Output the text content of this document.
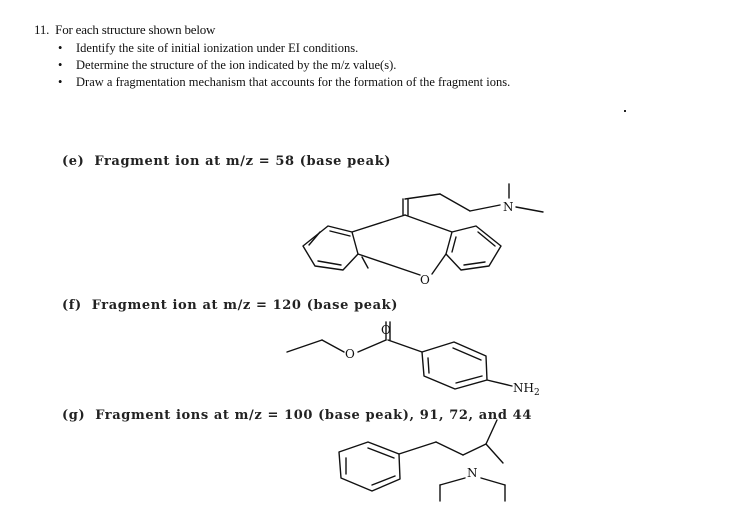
11. For each structure shown below
• Identify the site of initial ionization under EI conditions.
• Determine the structure of the ion indicated by the m/z value(s).
• Draw a fragmentation mechanism that accounts for the formation of the fragment ions.
(e) Fragment ion at m/z = 58 (base peak)
(f) Fragment ion at m/z = 120 (base peak)
(g) Fragment ions at m/z = 100 (base peak), 91, 72, and 44
N
O
O
O
$NH_2$
N
